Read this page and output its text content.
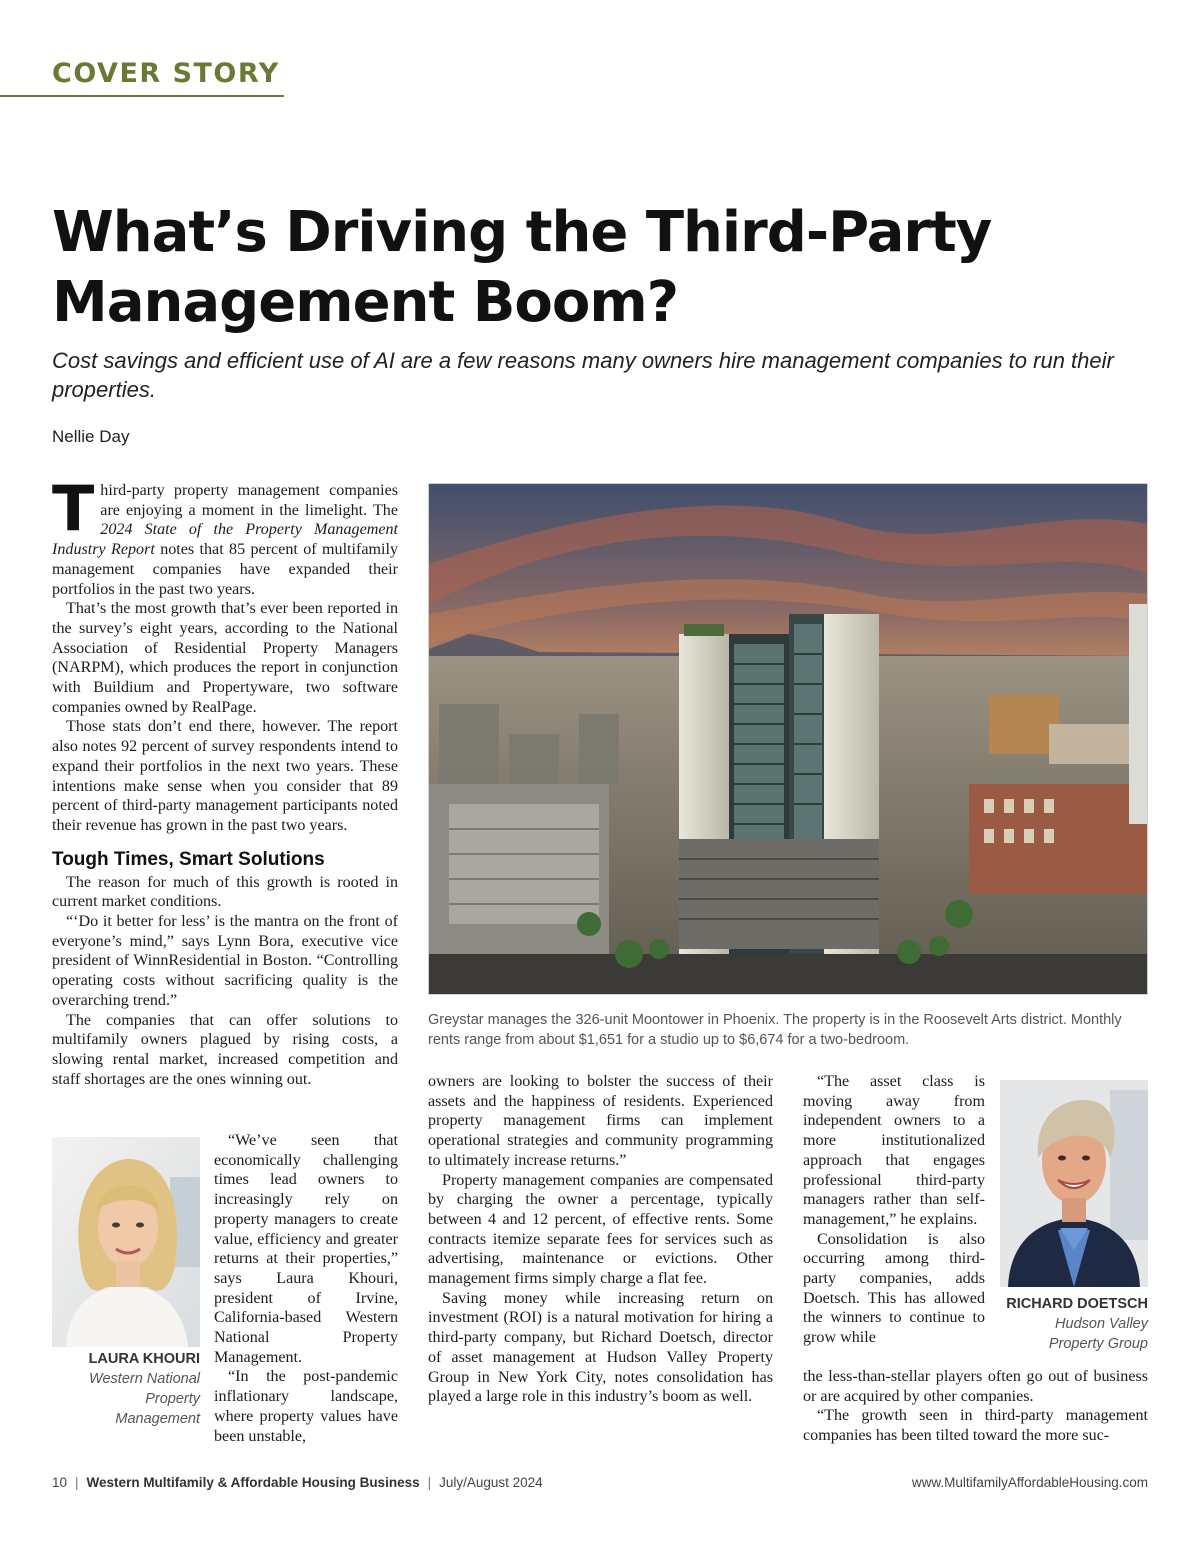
COVER STORY
What’s Driving the Third-Party Management Boom?
Cost savings and efficient use of AI are a few reasons many owners hire management companies to run their properties.
Nellie Day

Third-party property management companies are enjoying a moment in the limelight. The 2024 State of the Property Management Industry Report notes that 85 percent of multifamily management companies have expanded their portfolios in the past two years.

That’s the most growth that’s ever been reported in the survey’s eight years, according to the National Association of Residential Property Managers (NARPM), which produces the report in conjunction with Buildium and Propertyware, two software companies owned by RealPage.

Those stats don’t end there, however. The report also notes 92 percent of survey respondents intend to expand their portfolios in the next two years. These intentions make sense when you consider that 89 percent of third-party management participants noted their revenue has grown in the past two years.

Tough Times, Smart Solutions

The reason for much of this growth is rooted in current market conditions.

“‘Do it better for less’ is the mantra on the front of everyone’s mind,” says Lynn Bora, executive vice president of WinnResidential in Boston. “Controlling operating costs without sacrificing quality is the overarching trend.”

The companies that can offer solutions to multifamily owners plagued by rising costs, a slowing rental market, increased competition and staff shortages are the ones winning out.

LAURA KHOURI
Western National
Property
Management

“We’ve seen that economically challenging times lead owners to increasingly rely on property managers to create value, efficiency and greater returns at their properties,” says Laura Khouri, president of Irvine, California-based Western National Property Management.

“In the post-pandemic inflationary landscape, where property values have been unstable,

Greystar manages the 326-unit Moontower in Phoenix. The property is in the Roosevelt Arts district. Monthly rents range from about $1,651 for a studio up to $6,674 for a two-bedroom.

owners are looking to bolster the success of their assets and the happiness of residents. Experienced property management firms can implement operational strategies and community programming to ultimately increase returns.”

Property management companies are compensated by charging the owner a percentage, typically between 4 and 12 percent, of effective rents. Some contracts itemize separate fees for services such as advertising, maintenance or evictions. Other management firms simply charge a flat fee.

Saving money while increasing return on investment (ROI) is a natural motivation for hiring a third-party company, but Richard Doetsch, director of asset management at Hudson Valley Property Group in New York City, notes consolidation has played a large role in this industry’s boom as well.

“The asset class is moving away from independent owners to a more institutionalized approach that engages professional third-party managers rather than self-management,” he explains.

Consolidation is also occurring among third-party companies, adds Doetsch. This has allowed the winners to continue to grow while

RICHARD DOETSCH
Hudson Valley
Property Group

the less-than-stellar players often go out of business or are acquired by other companies.

“The growth seen in third-party management companies has been tilted toward the more suc-

10 | Western Multifamily & Affordable Housing Business | July/August 2024	www.MultifamilyAffordableHousing.com
